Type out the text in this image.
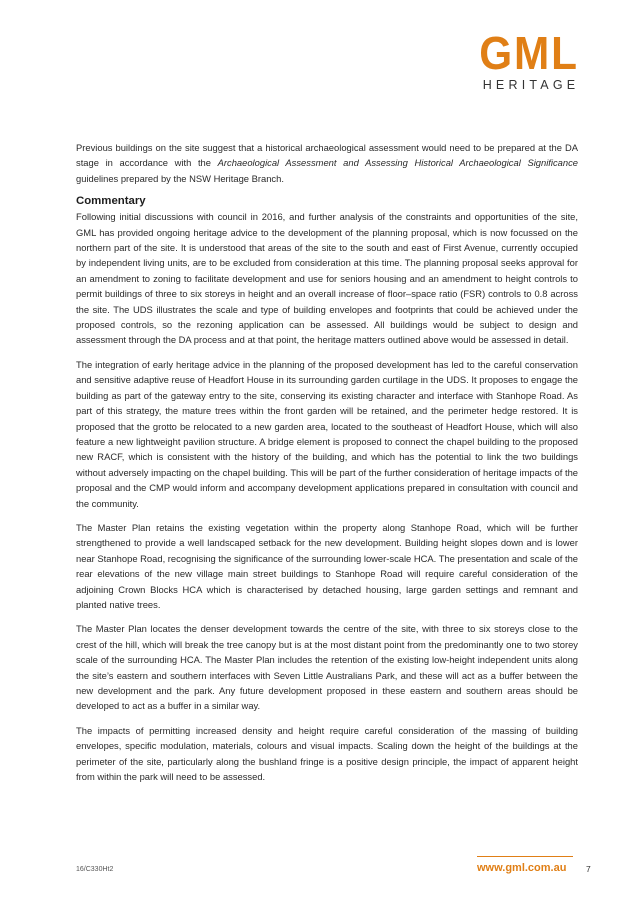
GML
HERITAGE

Previous buildings on the site suggest that a historical archaeological assessment would need to be prepared at the DA stage in accordance with the Archaeological Assessment and Assessing Historical Archaeological Significance guidelines prepared by the NSW Heritage Branch.

Commentary

Following initial discussions with council in 2016, and further analysis of the constraints and opportunities of the site, GML has provided ongoing heritage advice to the development of the planning proposal, which is now focussed on the northern part of the site. It is understood that areas of the site to the south and east of First Avenue, currently occupied by independent living units, are to be excluded from consideration at this time. The planning proposal seeks approval for an amendment to zoning to facilitate development and use for seniors housing and an amendment to height controls to permit buildings of three to six storeys in height and an overall increase of floor–space ratio (FSR) controls to 0.8 across the site. The UDS illustrates the scale and type of building envelopes and footprints that could be achieved under the proposed controls, so the rezoning application can be assessed. All buildings would be subject to design and assessment through the DA process and at that point, the heritage matters outlined above would be assessed in detail.

The integration of early heritage advice in the planning of the proposed development has led to the careful conservation and sensitive adaptive reuse of Headfort House in its surrounding garden curtilage in the UDS. It proposes to engage the building as part of the gateway entry to the site, conserving its existing character and interface with Stanhope Road. As part of this strategy, the mature trees within the front garden will be retained, and the perimeter hedge restored. It is proposed that the grotto be relocated to a new garden area, located to the southeast of Headfort House, which will also feature a new lightweight pavilion structure. A bridge element is proposed to connect the chapel building to the proposed new RACF, which is consistent with the history of the building, and which has the potential to link the two buildings without adversely impacting on the chapel building. This will be part of the further consideration of heritage impacts of the proposal and the CMP would inform and accompany development applications prepared in consultation with council and the community.

The Master Plan retains the existing vegetation within the property along Stanhope Road, which will be further strengthened to provide a well landscaped setback for the new development. Building height slopes down and is lower near Stanhope Road, recognising the significance of the surrounding lower-scale HCA. The presentation and scale of the rear elevations of the new village main street buildings to Stanhope Road will require careful consideration of the adjoining Crown Blocks HCA which is characterised by detached housing, large garden settings and remnant and planted native trees.

The Master Plan locates the denser development towards the centre of the site, with three to six storeys close to the crest of the hill, which will break the tree canopy but is at the most distant point from the predominantly one to two storey scale of the surrounding HCA. The Master Plan includes the retention of the existing low-height independent units along the site’s eastern and southern interfaces with Seven Little Australians Park, and these will act as a buffer between the new development and the park. Any future development proposed in these eastern and southern areas should be developed to act as a buffer in a similar way.

The impacts of permitting increased density and height require careful consideration of the massing of building envelopes, specific modulation, materials, colours and visual impacts. Scaling down the height of the buildings at the perimeter of the site, particularly along the bushland fringe is a positive design principle, the impact of apparent height from within the park will need to be assessed.

16/C330Ht2	www.gml.com.au 7
